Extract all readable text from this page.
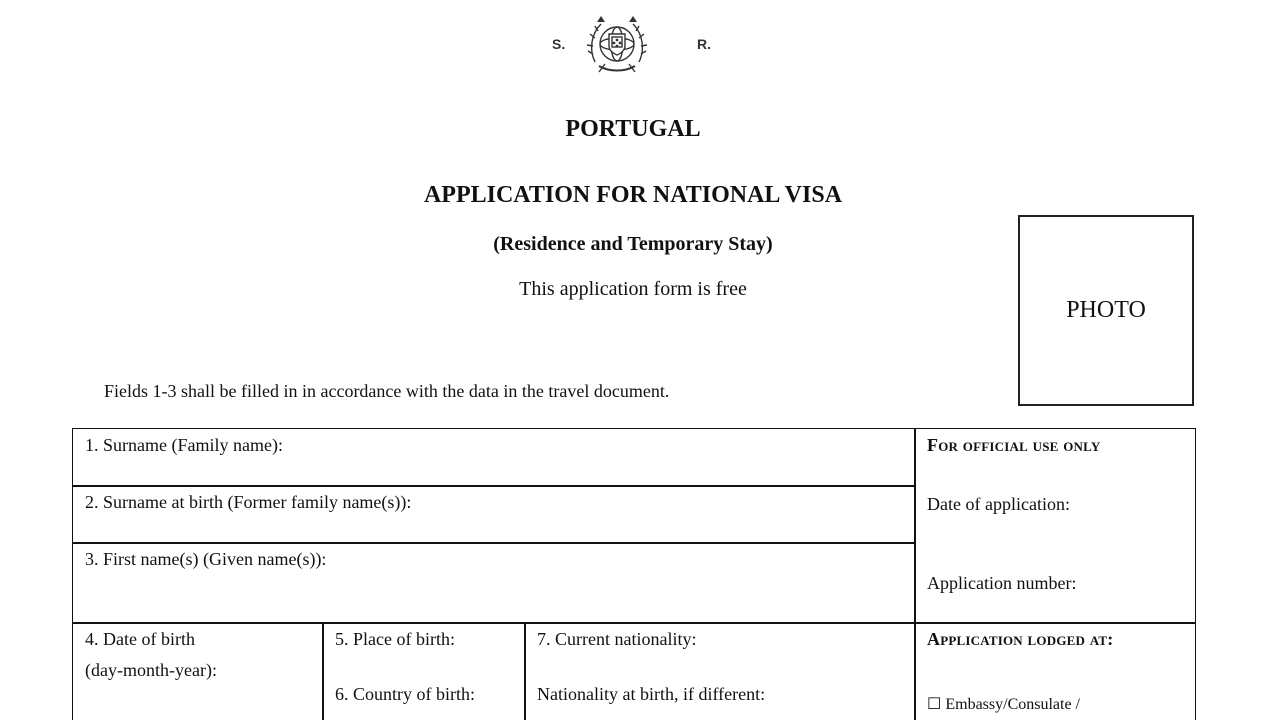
S.	R.
PORTUGAL
APPLICATION FOR NATIONAL VISA
(Residence and Temporary Stay)
This application form is free
PHOTO
Fields 1-3 shall be filled in in accordance with the data in the travel document.
1. Surname (Family name):
2. Surname at birth (Former family name(s)):
3. First name(s) (Given name(s)):
For official use only
Date of application:
Application number:
4. Date of birth
(day-month-year):
5. Place of birth:
6. Country of birth:
7. Current nationality:
Nationality at birth, if different:
Application lodged at:
☐ Embassy/Consulate /
